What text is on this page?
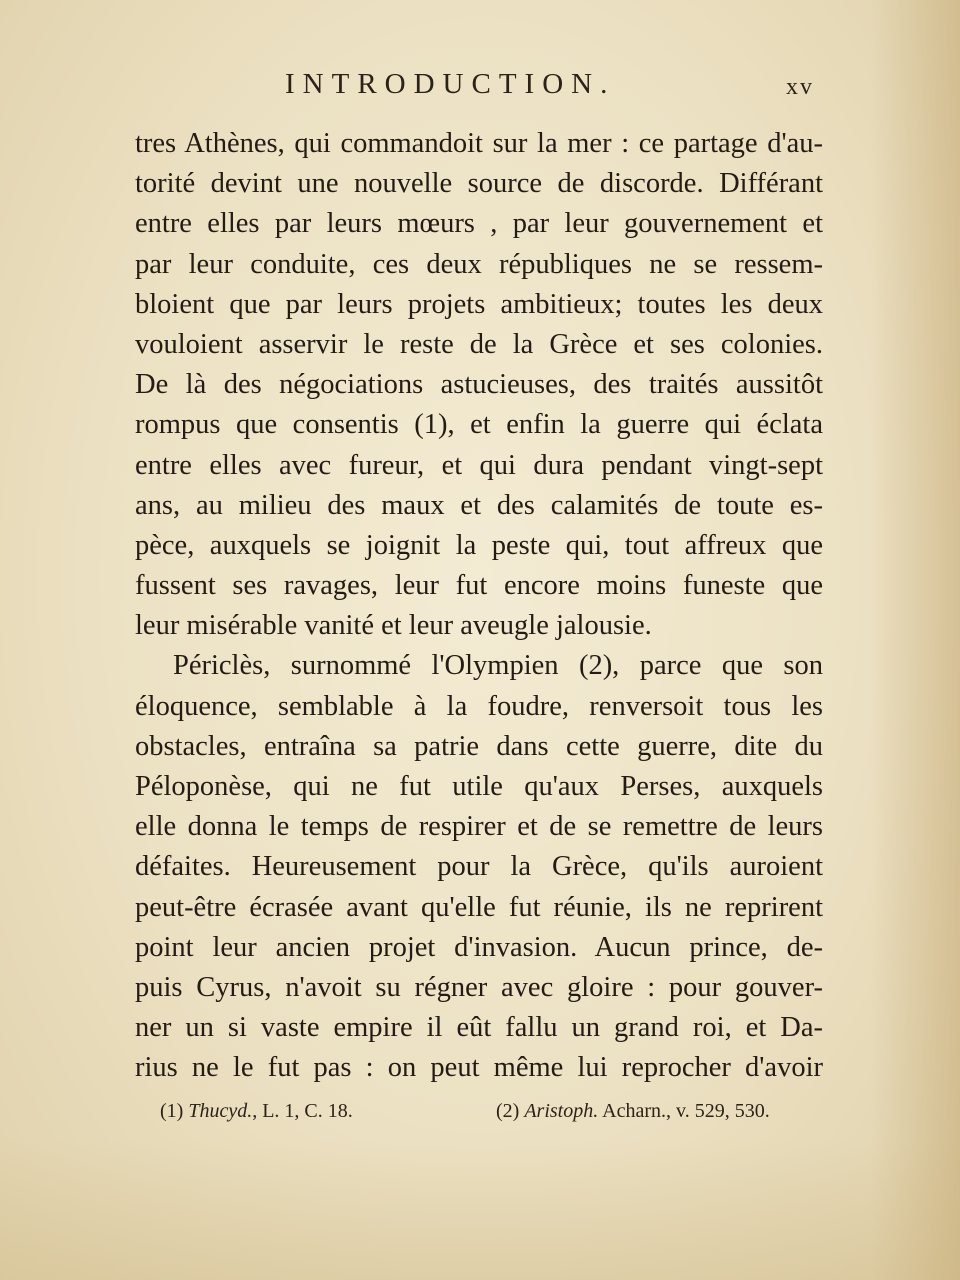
INTRODUCTION.	xv
tres Athènes, qui commandoit sur la mer : ce partage d'au-
torité devint une nouvelle source de discorde. Différant
entre elles par leurs mœurs , par leur gouvernement et
par leur conduite, ces deux républiques ne se ressem-
bloient que par leurs projets ambitieux; toutes les deux
vouloient asservir le reste de la Grèce et ses colonies.
De là des négociations astucieuses, des traités aussitôt
rompus que consentis (1), et enfin la guerre qui éclata
entre elles avec fureur, et qui dura pendant vingt-sept
ans, au milieu des maux et des calamités de toute es-
pèce, auxquels se joignit la peste qui, tout affreux que
fussent ses ravages, leur fut encore moins funeste que
leur misérable vanité et leur aveugle jalousie.
Périclès, surnommé l'Olympien (2), parce que son
éloquence, semblable à la foudre, renversoit tous les
obstacles, entraîna sa patrie dans cette guerre, dite du
Péloponèse, qui ne fut utile qu'aux Perses, auxquels
elle donna le temps de respirer et de se remettre de leurs
défaites. Heureusement pour la Grèce, qu'ils auroient
peut-être écrasée avant qu'elle fut réunie, ils ne reprirent
point leur ancien projet d'invasion. Aucun prince, de-
puis Cyrus, n'avoit su régner avec gloire : pour gouver-
ner un si vaste empire il eût fallu un grand roi, et Da-
rius ne le fut pas : on peut même lui reprocher d'avoir
(1) Thucyd., L. 1, C. 18.	(2) Aristoph. Acharn., v. 529, 530.
